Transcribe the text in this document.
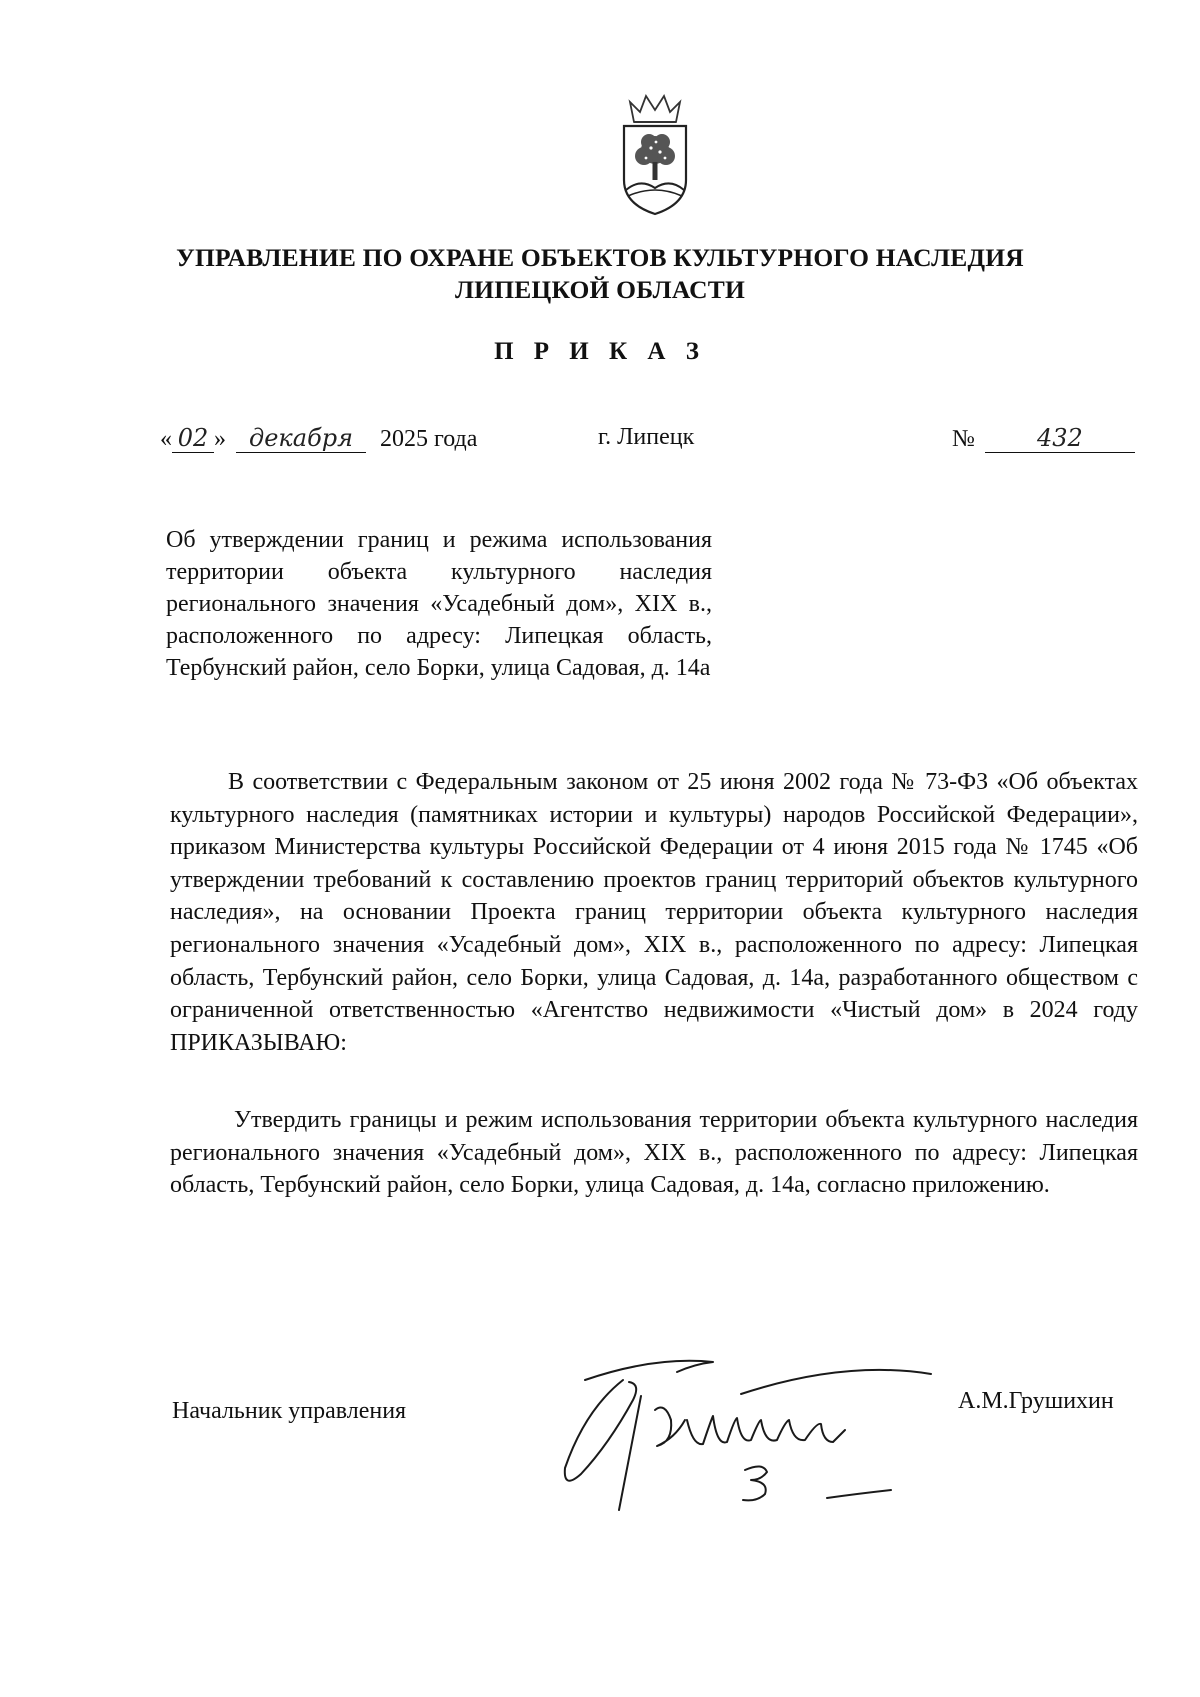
УПРАВЛЕНИЕ ПО ОХРАНЕ ОБЪЕКТОВ КУЛЬТУРНОГО НАСЛЕДИЯ
ЛИПЕЦКОЙ ОБЛАСТИ
П Р И К А З
« 02 » декабря 2025 года	г. Липецк	№	432
Об утверждении границ и режима использования территории объекта культурного наследия регионального значения «Усадебный дом», XIX в., расположенного по адресу: Липецкая область, Тербунский район, село Борки, улица Садовая, д. 14а
В соответствии с Федеральным законом от 25 июня 2002 года № 73-ФЗ «Об объектах культурного наследия (памятниках истории и культуры) народов Российской Федерации», приказом Министерства культуры Российской Федерации от 4 июня 2015 года № 1745 «Об утверждении требований к составлению проектов границ территорий объектов культурного наследия», на основании Проекта границ территории объекта культурного наследия регионального значения «Усадебный дом», XIX в., расположенного по адресу: Липецкая область, Тербунский район, село Борки, улица Садовая, д. 14а, разработанного обществом с ограниченной ответственностью «Агентство недвижимости «Чистый дом» в 2024 году ПРИКАЗЫВАЮ:
Утвердить границы и режим использования территории объекта культурного наследия регионального значения «Усадебный дом», XIX в., расположенного по адресу: Липецкая область, Тербунский район, село Борки, улица Садовая, д. 14а, согласно приложению.
Начальник управления	А.М.Грушихин
